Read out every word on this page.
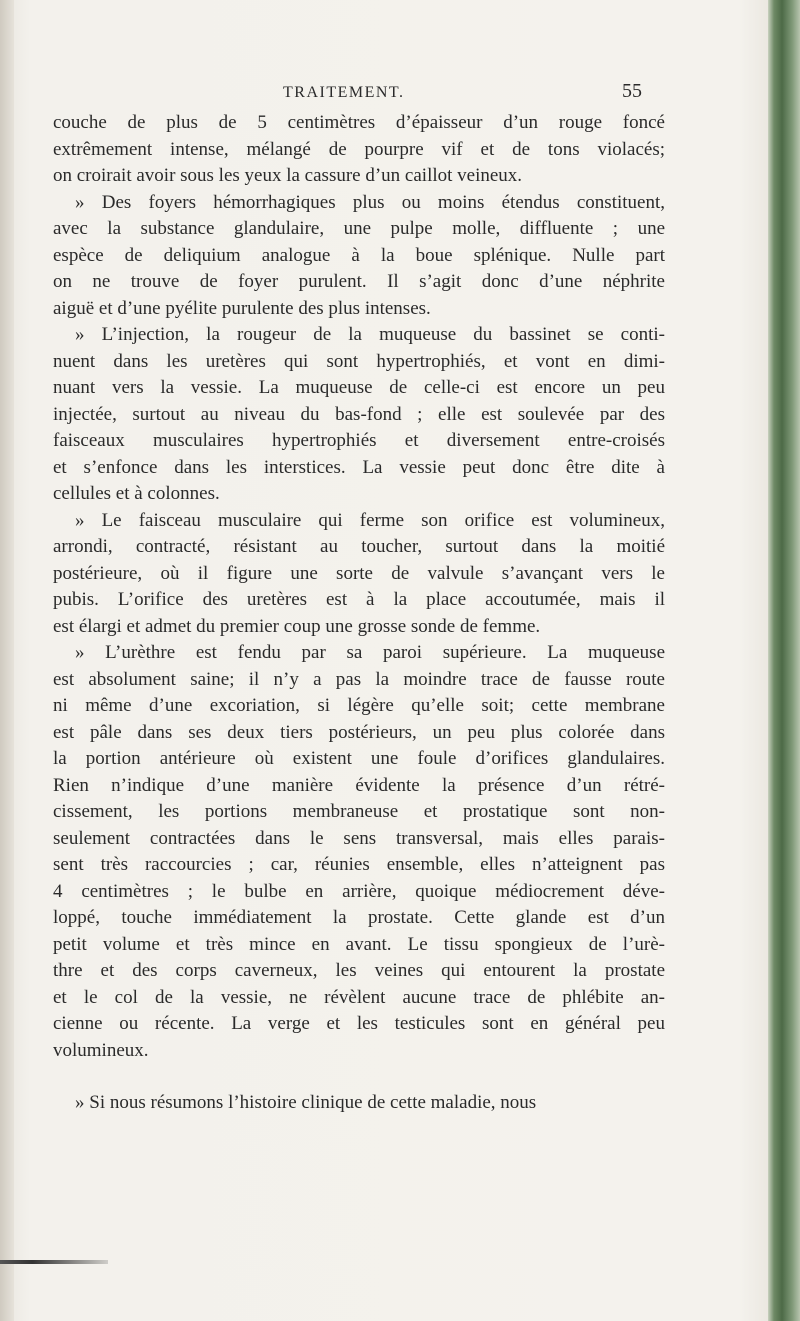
TRAITEMENT.	55
couche de plus de 5 centimètres d’épaisseur d’un rouge foncé
extrêmement intense, mélangé de pourpre vif et de tons violacés;
on croirait avoir sous les yeux la cassure d’un caillot veineux.
» Des foyers hémorrhagiques plus ou moins étendus constituent,
avec la substance glandulaire, une pulpe molle, diffluente ; une
espèce de deliquium analogue à la boue splénique. Nulle part
on ne trouve de foyer purulent. Il s’agit donc d’une néphrite
aiguë et d’une pyélite purulente des plus intenses.
» L’injection, la rougeur de la muqueuse du bassinet se conti-
nuent dans les uretères qui sont hypertrophiés, et vont en dimi-
nuant vers la vessie. La muqueuse de celle-ci est encore un peu
injectée, surtout au niveau du bas-fond ; elle est soulevée par des
faisceaux musculaires hypertrophiés et diversement entre-croisés
et s’enfonce dans les interstices. La vessie peut donc être dite à
cellules et à colonnes.
» Le faisceau musculaire qui ferme son orifice est volumineux,
arrondi, contracté, résistant au toucher, surtout dans la moitié
postérieure, où il figure une sorte de valvule s’avançant vers le
pubis. L’orifice des uretères est à la place accoutumée, mais il
est élargi et admet du premier coup une grosse sonde de femme.
» L’urèthre est fendu par sa paroi supérieure. La muqueuse
est absolument saine; il n’y a pas la moindre trace de fausse route
ni même d’une excoriation, si légère qu’elle soit; cette membrane
est pâle dans ses deux tiers postérieurs, un peu plus colorée dans
la portion antérieure où existent une foule d’orifices glandulaires.
Rien n’indique d’une manière évidente la présence d’un rétré-
cissement, les portions membraneuse et prostatique sont non-
seulement contractées dans le sens transversal, mais elles parais-
sent très raccourcies ; car, réunies ensemble, elles n’atteignent pas
4 centimètres ; le bulbe en arrière, quoique médiocrement déve-
loppé, touche immédiatement la prostate. Cette glande est d’un
petit volume et très mince en avant. Le tissu spongieux de l’urè-
thre et des corps caverneux, les veines qui entourent la prostate
et le col de la vessie, ne révèlent aucune trace de phlébite an-
cienne ou récente. La verge et les testicules sont en général peu
volumineux.
» Si nous résumons l’histoire clinique de cette maladie, nous
